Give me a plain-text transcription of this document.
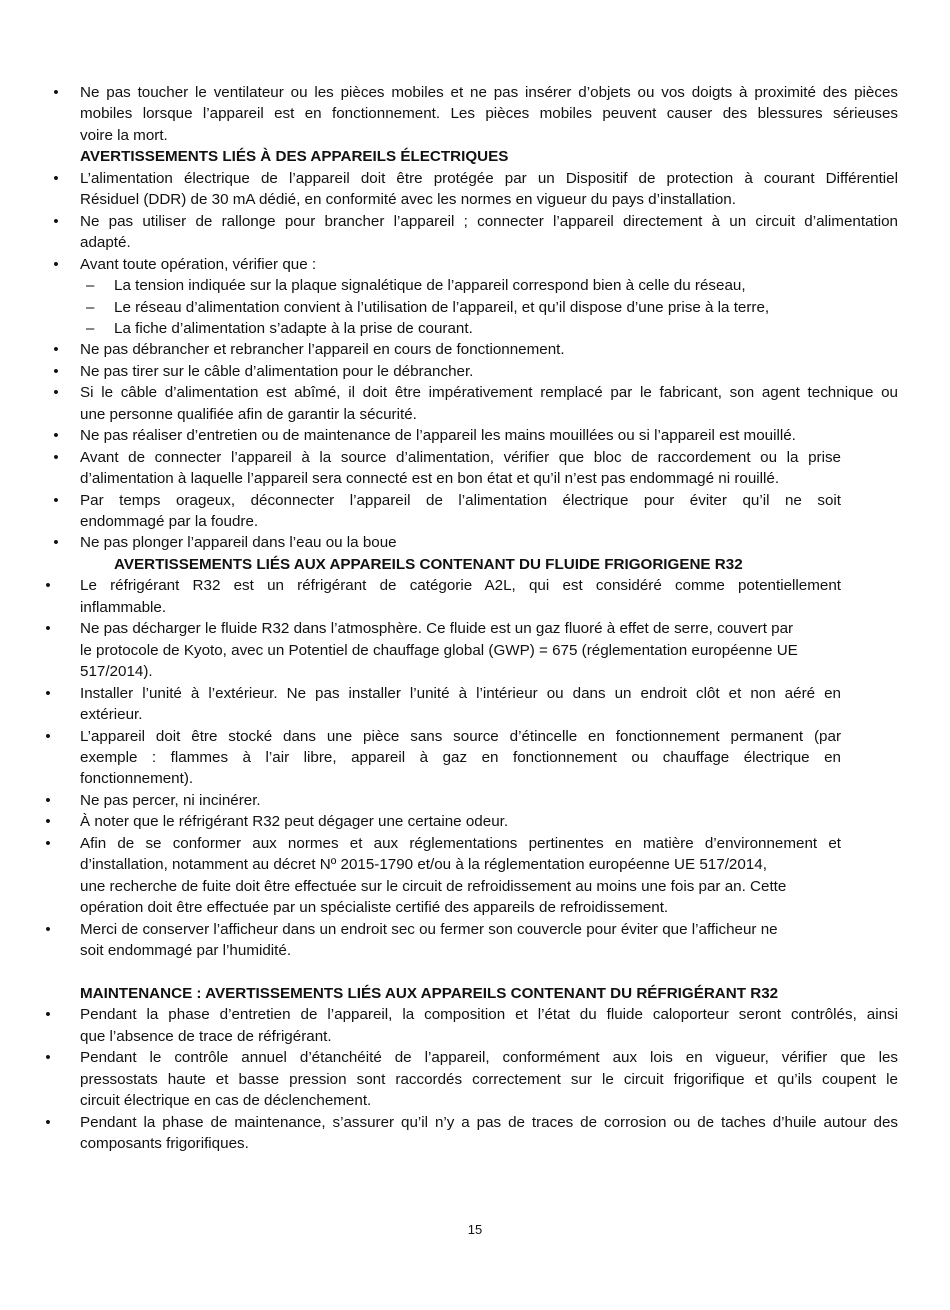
• Ne pas toucher le ventilateur ou les pièces mobiles et ne pas insérer d’objets ou vos doigts à proximité des pièces
mobiles lorsque l’appareil est en fonctionnement. Les pièces mobiles peuvent causer des blessures sérieuses
voire la mort.
AVERTISSEMENTS LIÉS À DES APPAREILS ÉLECTRIQUES
• L’alimentation électrique de l’appareil doit être protégée par un Dispositif de protection à courant Différentiel
Résiduel (DDR) de 30 mA dédié, en conformité avec les normes en vigueur du pays d’installation.
• Ne pas utiliser de rallonge pour brancher l’appareil ; connecter l’appareil directement à un circuit d’alimentation
adapté.
• Avant toute opération, vérifier que :
– La tension indiquée sur la plaque signalétique de l’appareil correspond bien à celle du réseau,
– Le réseau d’alimentation convient à l’utilisation de l’appareil, et qu’il dispose d’une prise à la terre,
– La fiche d’alimentation s’adapte à la prise de courant.
• Ne pas débrancher et rebrancher l’appareil en cours de fonctionnement.
• Ne pas tirer sur le câble d’alimentation pour le débrancher.
• Si le câble d’alimentation est abîmé, il doit être impérativement remplacé par le fabricant, son agent technique ou
une personne qualifiée afin de garantir la sécurité.
• Ne pas réaliser d’entretien ou de maintenance de l’appareil les mains mouillées ou si l’appareil est mouillé.
• Avant de connecter l’appareil à la source d’alimentation, vérifier que bloc de raccordement ou la prise
d’alimentation à laquelle l’appareil sera connecté est en bon état et qu’il n’est pas endommagé ni rouillé.
• Par temps orageux, déconnecter l’appareil de l’alimentation électrique pour éviter qu’il ne soit
endommagé par la foudre.
• Ne pas plonger l’appareil dans l’eau ou la boue
AVERTISSEMENTS LIÉS AUX APPAREILS CONTENANT DU FLUIDE FRIGORIGENE R32
• Le réfrigérant R32 est un réfrigérant de catégorie A2L, qui est considéré comme potentiellement
inflammable.
• Ne pas décharger le fluide R32 dans l’atmosphère. Ce fluide est un gaz fluoré à effet de serre, couvert par
le protocole de Kyoto, avec un Potentiel de chauffage global (GWP) = 675 (réglementation européenne UE
517/2014).
• Installer l’unité à l’extérieur. Ne pas installer l’unité à l’intérieur ou dans un endroit clôt et non aéré en
extérieur.
• L’appareil doit être stocké dans une pièce sans source d’étincelle en fonctionnement permanent (par
exemple : flammes à l’air libre, appareil à gaz en fonctionnement ou chauffage électrique en
fonctionnement).
• Ne pas percer, ni incinérer.
• À noter que le réfrigérant R32 peut dégager une certaine odeur.
• Afin de se conformer aux normes et aux réglementations pertinentes en matière d’environnement et
d’installation, notamment au décret Nº 2015-1790 et/ou à la réglementation européenne UE 517/2014,
une recherche de fuite doit être effectuée sur le circuit de refroidissement au moins une fois par an. Cette
opération doit être effectuée par un spécialiste certifié des appareils de refroidissement.
• Merci de conserver l’afficheur dans un endroit sec ou fermer son couvercle pour éviter que l’afficheur ne
soit endommagé par l’humidité.
MAINTENANCE : AVERTISSEMENTS LIÉS AUX APPAREILS CONTENANT DU RÉFRIGÉRANT R32
• Pendant la phase d’entretien de l’appareil, la composition et l’état du fluide caloporteur seront contrôlés, ainsi
que l’absence de trace de réfrigérant.
• Pendant le contrôle annuel d’étanchéité de l’appareil, conformément aux lois en vigueur, vérifier que les
pressostats haute et basse pression sont raccordés correctement sur le circuit frigorifique et qu’ils coupent le
circuit électrique en cas de déclenchement.
• Pendant la phase de maintenance, s’assurer qu’il n’y a pas de traces de corrosion ou de taches d’huile autour des
composants frigorifiques.
15
